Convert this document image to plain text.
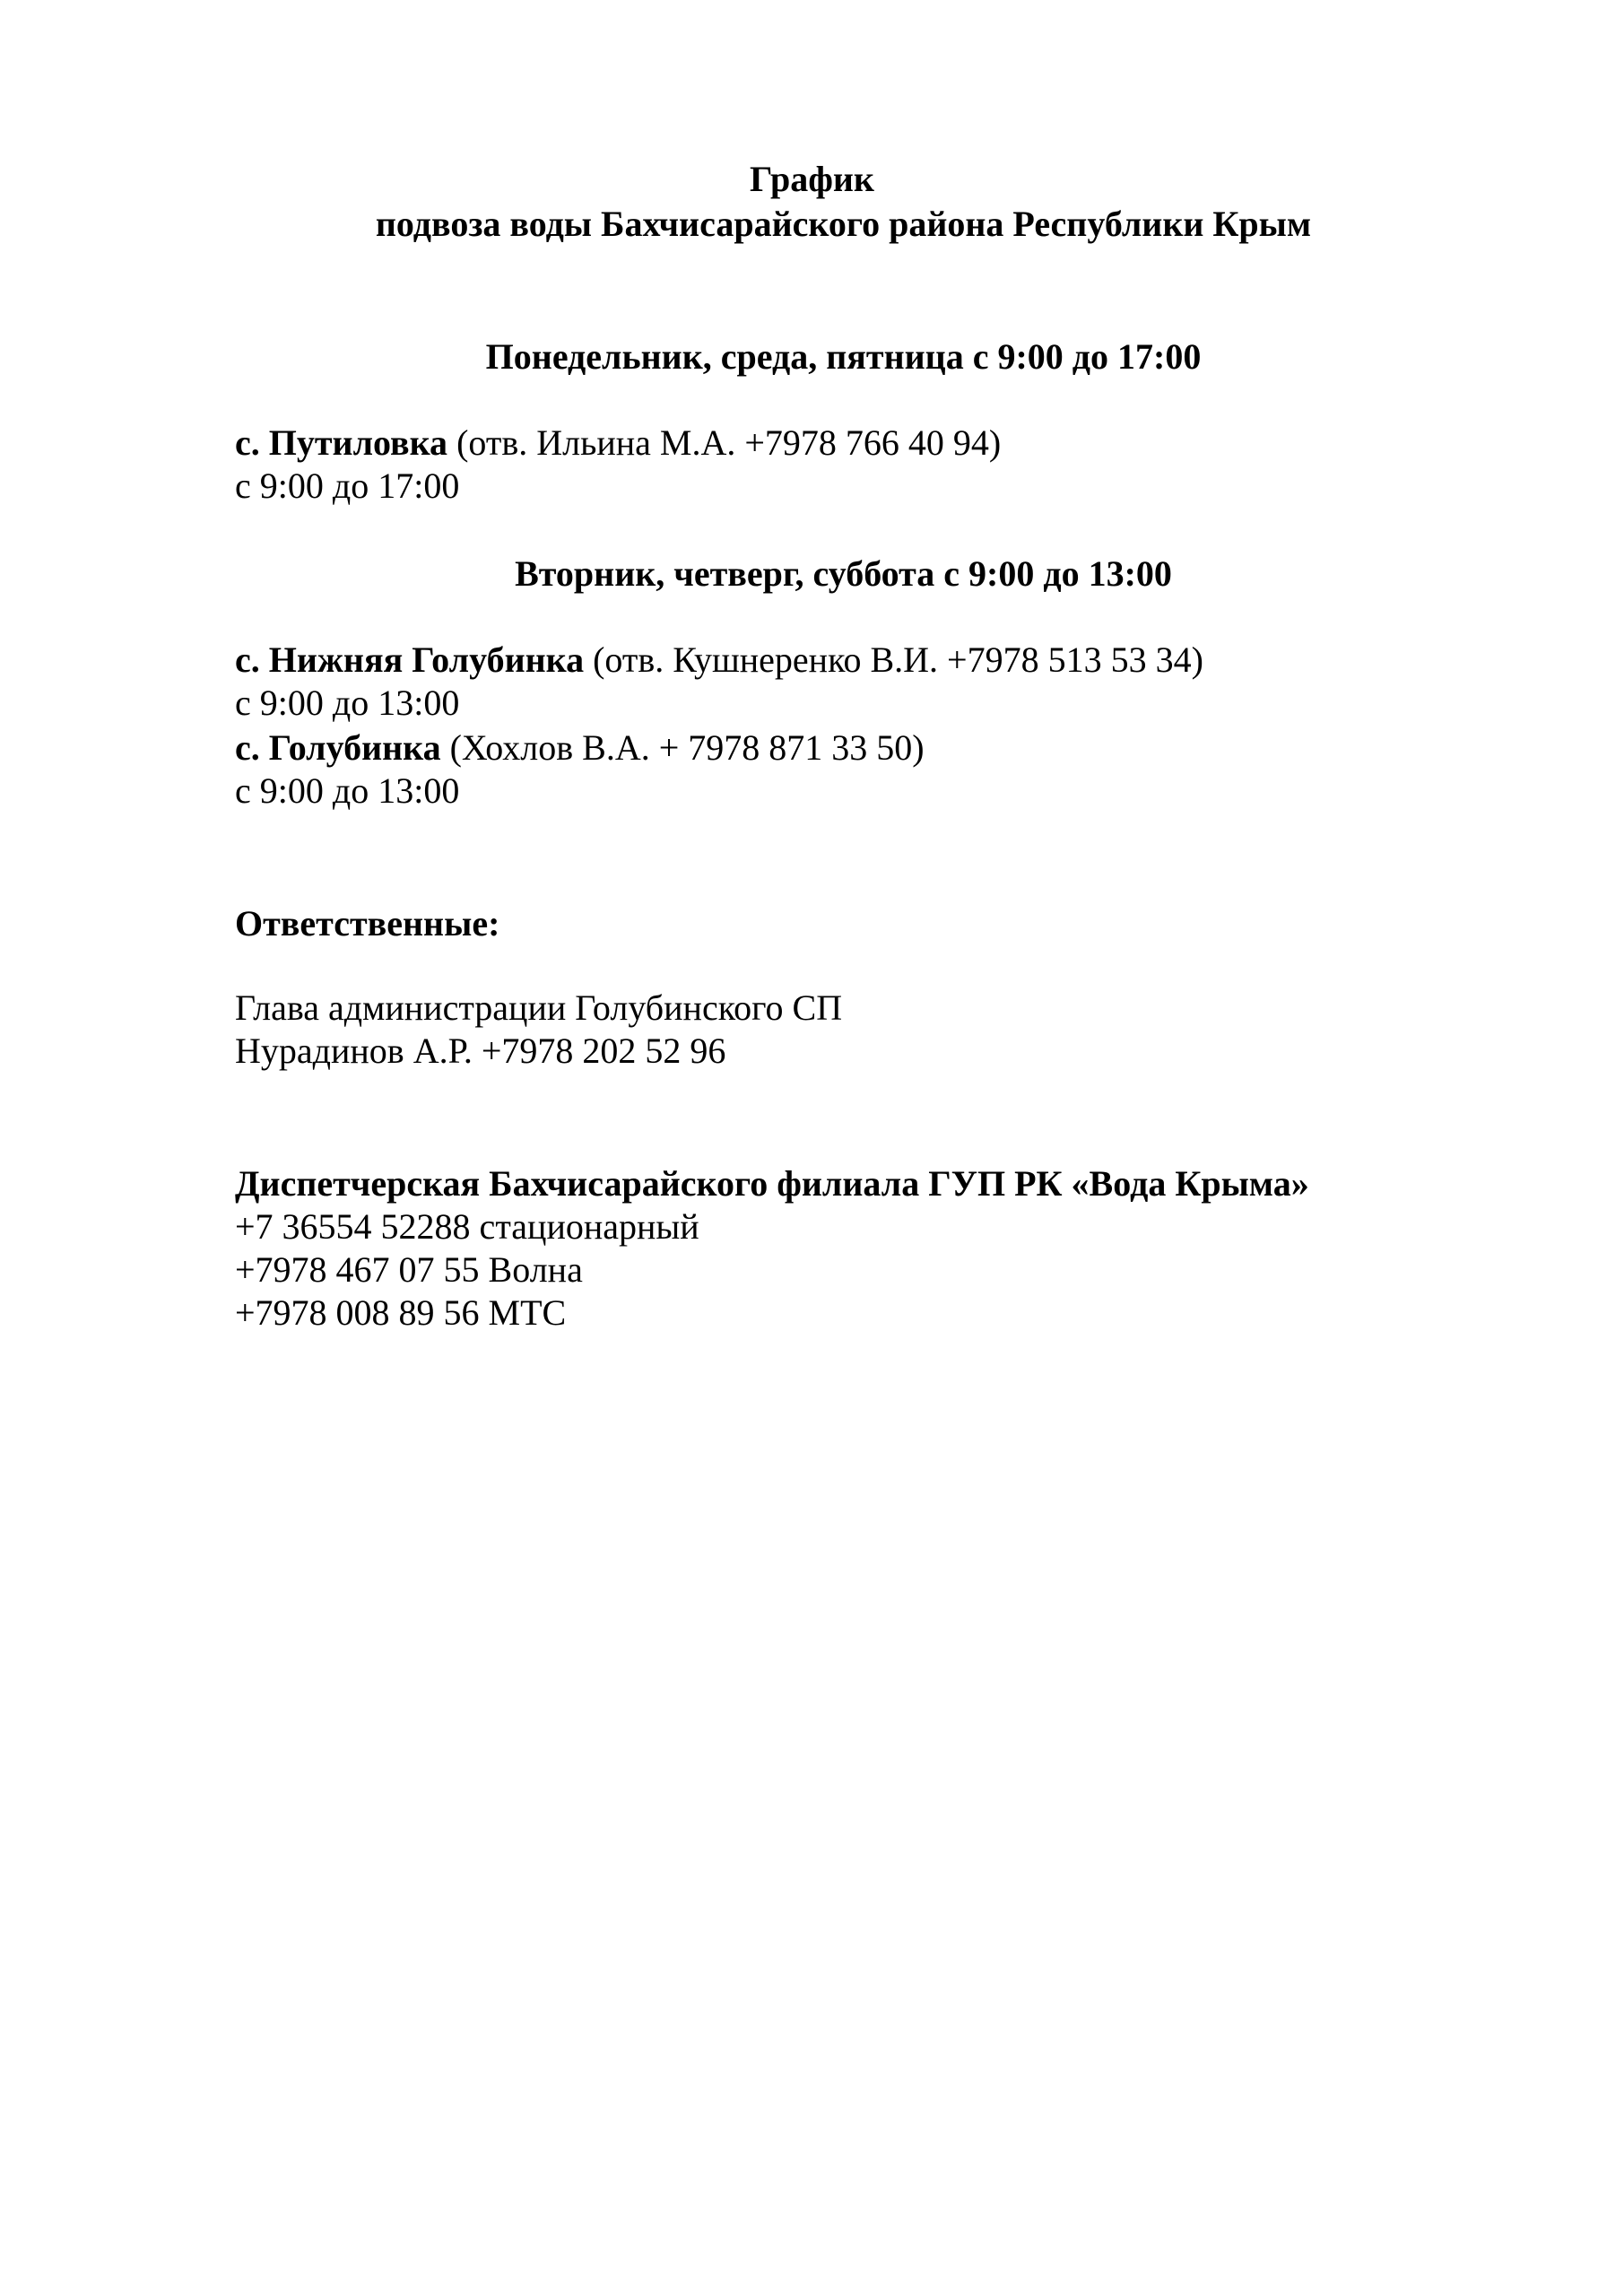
График
подвоза воды Бахчисарайского района Республики Крым
Понедельник, среда, пятница с 9:00 до 17:00
с. Путиловка (отв. Ильина М.А. +7978 766 40 94)
с 9:00 до 17:00
Вторник, четверг, суббота с 9:00 до 13:00
с. Нижняя Голубинка (отв. Кушнеренко В.И. +7978 513 53 34)
с 9:00 до 13:00
с. Голубинка (Хохлов В.А. + 7978 871 33 50)
с 9:00 до 13:00
Ответственные:
Глава администрации Голубинского СП
Нурадинов А.Р. +7978 202 52 96
Диспетчерская Бахчисарайского филиала ГУП РК «Вода Крыма»
+7 36554 52288 стационарный
+7978 467 07 55 Волна
+7978 008 89 56 МТС
